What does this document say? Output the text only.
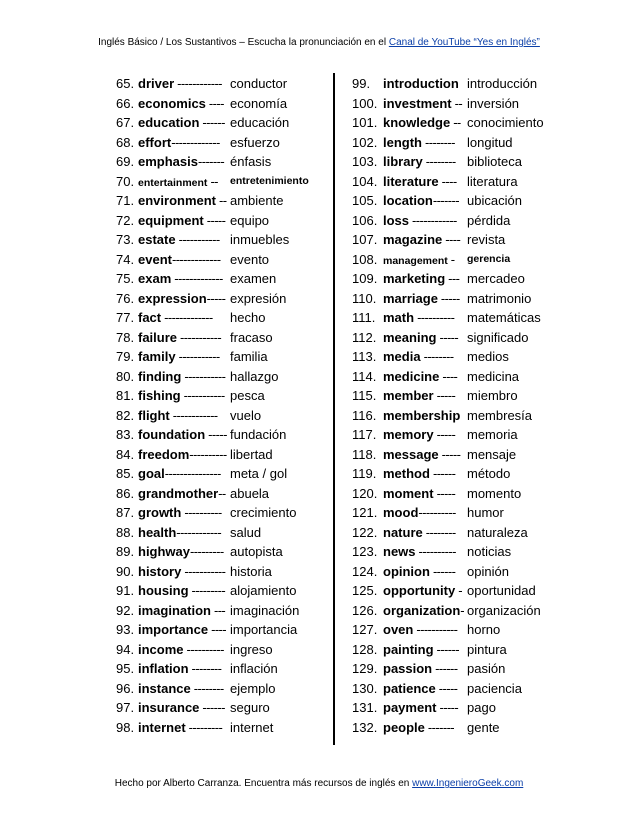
Inglés Básico / Los Sustantivos – Escucha la pronunciación en el Canal de YouTube “Yes en Inglés”
65. driver ------------ conductor
66. economics ---- economía
67. education ------ educación
68. effort------------- esfuerzo
69. emphasis------- énfasis
70. entertainment -- entretenimiento
71. environment -- ambiente
72. equipment ----- equipo
73. estate ----------- inmuebles
74. event------------- evento
75. exam ------------- examen
76. expression----- expresión
77. fact ------------- hecho
78. failure ----------- fracaso
79. family ----------- familia
80. finding ----------- hallazgo
81. fishing ----------- pesca
82. flight ------------ vuelo
83. foundation ----- fundación
84. freedom---------- libertad
85. goal--------------- meta / gol
86. grandmother-- abuela
87. growth ---------- crecimiento
88. health------------ salud
89. highway--------- autopista
90. history ----------- historia
91. housing --------- alojamiento
92. imagination --- imaginación
93. importance ---- importancia
94. income ---------- ingreso
95. inflation -------- inflación
96. instance -------- ejemplo
97. insurance ------ seguro
98. internet --------- internet
99. introduction introducción
100. investment -- inversión
101. knowledge -- conocimiento
102. length -------- longitud
103. library -------- biblioteca
104. literature ---- literatura
105. location------- ubicación
106. loss ------------ pérdida
107. magazine ---- revista
108. management - gerencia
109. marketing --- mercadeo
110. marriage ----- matrimonio
111. math ---------- matemáticas
112. meaning ----- significado
113. media -------- medios
114. medicine ---- medicina
115. member ----- miembro
116. membership membresía
117. memory ----- memoria
118. message ----- mensaje
119. method ------ método
120. moment ----- momento
121. mood---------- humor
122. nature -------- naturaleza
123. news ---------- noticias
124. opinion ------ opinión
125. opportunity - oportunidad
126. organization- organización
127. oven ----------- horno
128. painting ------ pintura
129. passion ------ pasión
130. patience ----- paciencia
131. payment ----- pago
132. people ------- gente
Hecho por Alberto Carranza. Encuentra más recursos de inglés en www.IngenieroGeek.com
